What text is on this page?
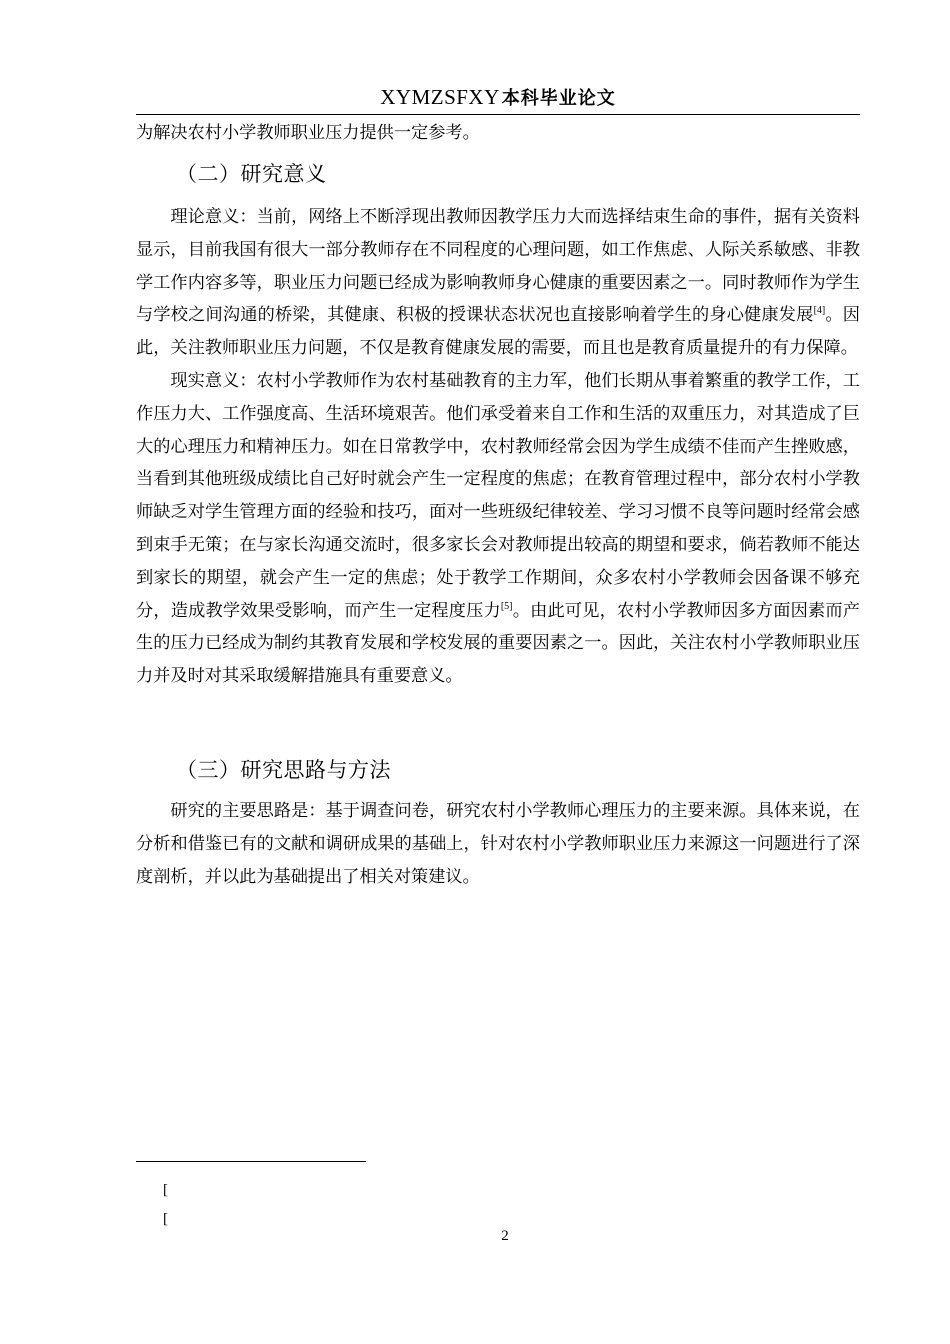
XYMZSFXY 本科毕业论文

为解决农村小学教师职业压力提供一定参考。

（二）研究意义

理论意义：当前，网络上不断浮现出教师因教学压力大而选择结束生命的事件，据有关资料显示，目前我国有很大一部分教师存在不同程度的心理问题，如工作焦虑、人际关系敏感、非教学工作内容多等，职业压力问题已经成为影响教师身心健康的重要因素之一。同时教师作为学生与学校之间沟通的桥梁，其健康、积极的授课状态状况也直接影响着学生的身心健康发展[4]。因此，关注教师职业压力问题，不仅是教育健康发展的需要，而且也是教育质量提升的有力保障。

现实意义：农村小学教师作为农村基础教育的主力军，他们长期从事着繁重的教学工作，工作压力大、工作强度高、生活环境艰苦。他们承受着来自工作和生活的双重压力，对其造成了巨大的心理压力和精神压力。如在日常教学中，农村教师经常会因为学生成绩不佳而产生挫败感，当看到其他班级成绩比自己好时就会产生一定程度的焦虑；在教育管理过程中，部分农村小学教师缺乏对学生管理方面的经验和技巧，面对一些班级纪律较差、学习习惯不良等问题时经常会感到束手无策；在与家长沟通交流时，很多家长会对教师提出较高的期望和要求，倘若教师不能达到家长的期望，就会产生一定的焦虑；处于教学工作期间，众多农村小学教师会因备课不够充分，造成教学效果受影响，而产生一定程度压力[5]。由此可见，农村小学教师因多方面因素而产生的压力已经成为制约其教育发展和学校发展的重要因素之一。因此，关注农村小学教师职业压力并及时对其采取缓解措施具有重要意义。

（三）研究思路与方法

研究的主要思路是：基于调查问卷，研究农村小学教师心理压力的主要来源。具体来说，在分析和借鉴已有的文献和调研成果的基础上，针对农村小学教师职业压力来源这一问题进行了深度剖析，并以此为基础提出了相关对策建议。

[
[
2
